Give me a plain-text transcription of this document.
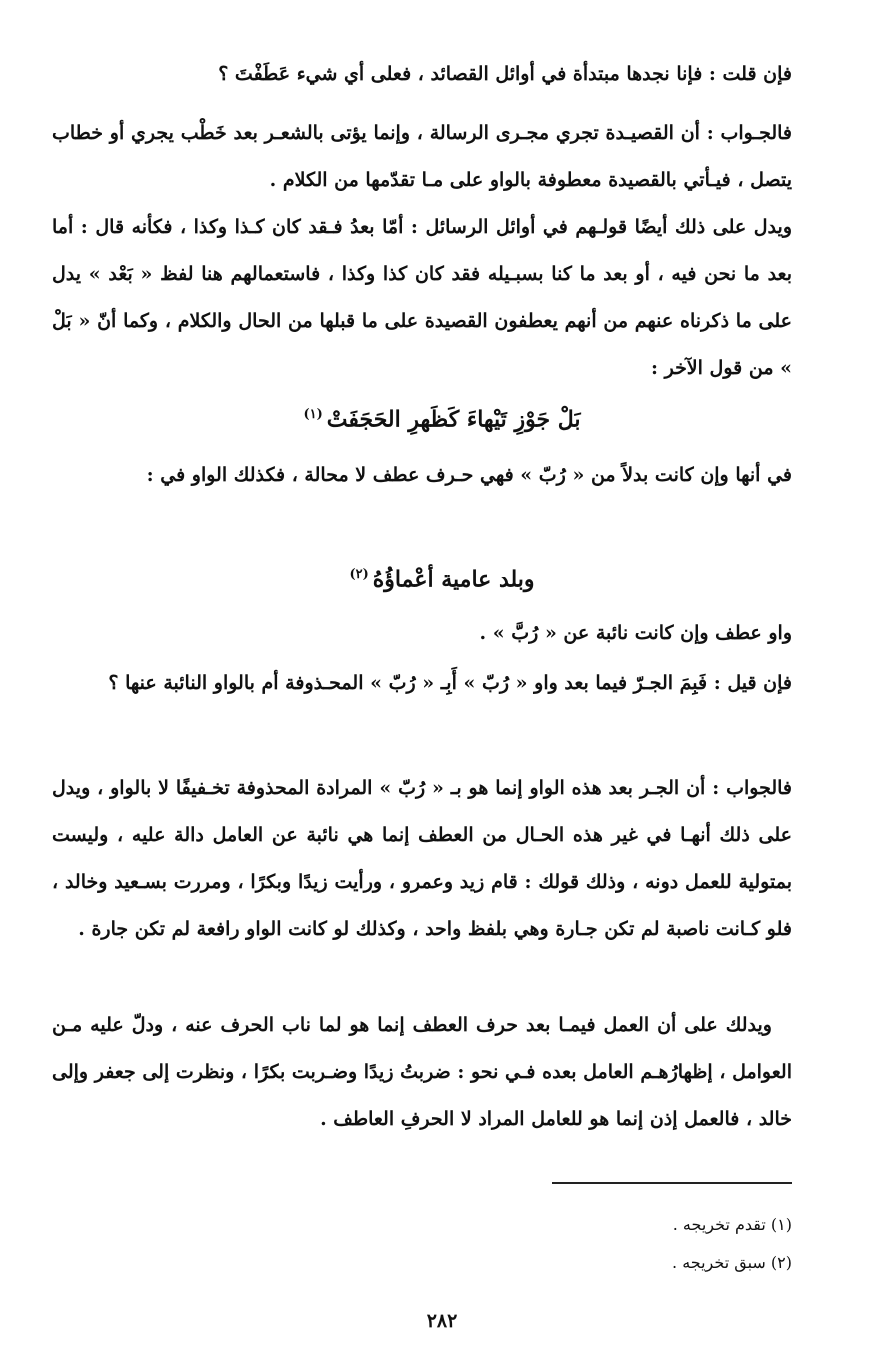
فإن قلت : فإنا نجدها مبتدأة في أوائل القصائد ، فعلى أي شيء عَطَفْتَ ؟

فالجـواب : أن القصيـدة تجري مجـرى الرسالة ، وإنما يؤتى بالشعـر بعد خَطْب يجري أو خطاب يتصل ، فيـأتي بالقصيدة معطوفة بالواو على مـا تقدّمها من الكلام .

ويدل على ذلك أيضًا قولـهم في أوائل الرسائل : أمّا بعدُ فـقد كان كـذا وكذا ، فكأنه قال : أما بعد ما نحن فيه ، أو بعد ما كنا بسبـيله فقد كان كذا وكذا ، فاستعمالهم هنا لفظ « بَعْد » يدل على ما ذكرناه عنهم من أنهم يعطفون القصيدة على ما قبلها من الحال والكلام ، وكما أنّ « بَلْ » من قول الآخر :

بَلْ جَوْزِ تَيْهاءَ كَظَهرِ الحَجَفَتْ$^{(١)}$

في أنها وإن كانت بدلاً من « رُبّ » فهي حـرف عطف لا محالة ، فكذلك الواو في :

وبلد عامية أعْماؤُهُ$^{(٢)}$

واو عطف وإن كانت نائبة عن « رُبَّ » .

فإن قيل : فَبِمَ الجـرّ فيما بعد واو « رُبّ » أَبِـ « رُبّ » المحـذوفة أم بالواو النائبة عنها ؟

فالجواب : أن الجـر بعد هذه الواو إنما هو بـ « رُبّ » المرادة المحذوفة تخـفيفًا لا بالواو ، ويدل على ذلك أنهـا في غير هذه الحـال من العطف إنما هي نائبة عن العامل دالة عليه ، وليست بمتولية للعمل دونه ، وذلك قولك : قام زيد وعمرو ، ورأيت زيدًا وبكرًا ، ومررت بسـعيد وخالد ، فلو كـانت ناصبة لم تكن جـارة وهي بلفظ واحد ، وكذلك لو كانت الواو رافعة لم تكن جارة .

ويدلك على أن العمل فيمـا بعد حرف العطف إنما هو لما ناب الحرف عنه ، ودلّ عليه مـن العوامل ، إظهارُهـم العامل بعده فـي نحو : ضربتُ زيدًا وضـربت بكرًا ، ونظرت إلى جعفر وإلى خالد ، فالعمل إذن إنما هو للعامل المراد لا الحرفِ العاطف .

(١) تقدم تخريجه .

(٢) سبق تخريجه .

٢٨٢
